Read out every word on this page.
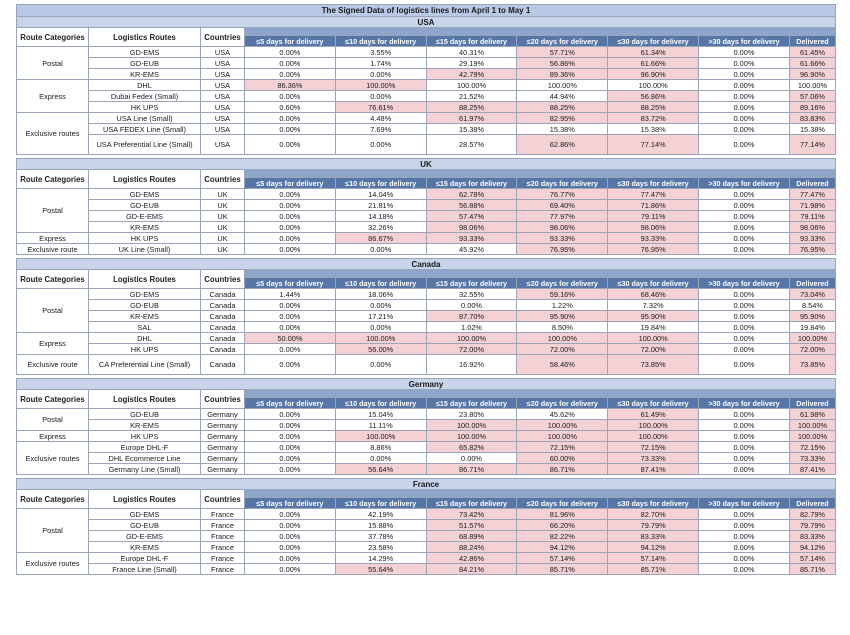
The Signed Data of logistics lines from April 1 to May 1									
USA									
Route Categories	Logistics Routes	Countries							
			≤5 days for delivery	≤10 days for delivery	≤15 days for delivery	≤20 days for delivery	≤30 days for delivery	>30 days for delivery	Delivered
Postal	GD-EMS	USA	0.00%	3.55%	40.31%	57.71%	61.34%	0.00%	61.45%
	GD-EUB	USA	0.00%	1.74%	29.19%	56.86%	61.66%	0.00%	61.66%
	KR-EMS	USA	0.00%	0.00%	42.79%	89.36%	96.90%	0.00%	96.90%
Express	DHL	USA	86.36%	100.00%	100.00%	100.00%	100.00%	0.00%	100.00%
	Dubai Fedex (Small)	USA	0.00%	0.00%	21.52%	44.94%	56.86%	0.00%	57.06%
	HK UPS	USA	0.60%	76.61%	88.25%	88.25%	88.25%	0.00%	89.16%
Exclusive routes	USA Line (Small)	USA	0.00%	4.48%	61.97%	82.95%	83.72%	0.00%	83.83%
	USA FEDEX Line (Small)	USA	0.00%	7.69%	15.38%	15.38%	15.38%	0.00%	15.38%
	USA Preferential Line (Small)	USA	0.00%	0.00%	28.57%	62.86%	77.14%	0.00%	77.14%

UK									
Route Categories	Logistics Routes	Countries							
			≤5 days for delivery	≤10 days for delivery	≤15 days for delivery	≤20 days for delivery	≤30 days for delivery	>30 days for delivery	Delivered
Postal	GD-EMS	UK	0.00%	14.04%	62.78%	76.77%	77.47%	0.00%	77.47%
	GD-EUB	UK	0.00%	21.81%	56.88%	69.40%	71.86%	0.00%	71.98%
	GD-E-EMS	UK	0.00%	14.18%	57.47%	77.97%	79.11%	0.00%	79.11%
	KR-EMS	UK	0.00%	32.26%	98.06%	98.06%	98.06%	0.00%	98.06%
Express	HK UPS	UK	0.00%	86.67%	93.33%	93.33%	93.33%	0.00%	93.33%
Exclusive route	UK Line (Small)	UK	0.00%	0.00%	45.92%	76.95%	76.95%	0.00%	76.95%

Canada									
Route Categories	Logistics Routes	Countries							
			≤5 days for delivery	≤10 days for delivery	≤15 days for delivery	≤20 days for delivery	≤30 days for delivery	>30 days for delivery	Delivered
Postal	GD-EMS	Canada	1.44%	18.06%	32.55%	59.16%	68.46%	0.00%	73.04%
	GD-EUB	Canada	0.00%	0.00%	0.00%	1.22%	7.32%	0.00%	8.54%
	KR-EMS	Canada	0.00%	17.21%	87.70%	95.90%	95.90%	0.00%	95.90%
	SAL	Canada	0.00%	0.00%	1.02%	8.50%	19.84%	0.00%	19.84%
Express	DHL	Canada	50.00%	100.00%	100.00%	100.00%	100.00%	0.00%	100.00%
	HK UPS	Canada	0.00%	56.00%	72.00%	72.00%	72.00%	0.00%	72.00%
Exclusive route	CA Preferential Line (Small)	Canada	0.00%	0.00%	16.92%	58.46%	73.85%	0.00%	73.85%

Germany									
Route Categories	Logistics Routes	Countries							
			≤5 days for delivery	≤10 days for delivery	≤15 days for delivery	≤20 days for delivery	≤30 days for delivery	>30 days for delivery	Delivered
Postal	GD-EUB	Germany	0.00%	15.04%	23.80%	45.62%	61.49%	0.00%	61.98%
	KR-EMS	Germany	0.00%	11.11%	100.00%	100.00%	100.00%	0.00%	100.00%
Express	HK UPS	Germany	0.00%	100.00%	100.00%	100.00%	100.00%	0.00%	100.00%
Exclusive routes	Europe DHL-F	Germany	0.00%	8.86%	65.82%	72.15%	72.15%	0.00%	72.15%
	DHL Ecommerce Line	Germany	0.00%	0.00%	0.00%	60.00%	73.33%	0.00%	73.33%
	Germany Line (Small)	Germany	0.00%	56.64%	86.71%	86.71%	87.41%	0.00%	87.41%

France									
Route Categories	Logistics Routes	Countries							
			≤5 days for delivery	≤10 days for delivery	≤15 days for delivery	≤20 days for delivery	≤30 days for delivery	>30 days for delivery	Delivered
Postal	GD-EMS	France	0.00%	42.19%	73.42%	81.96%	82.70%	0.00%	82.79%
	GD-EUB	France	0.00%	15.88%	51.57%	66.20%	79.79%	0.00%	79.79%
	GD-E-EMS	France	0.00%	37.78%	68.89%	82.22%	83.33%	0.00%	83.33%
	KR-EMS	France	0.00%	23.58%	88.24%	94.12%	94.12%	0.00%	94.12%
Exclusive routes	Europe DHL-F	France	0.00%	14.29%	42.86%	57.14%	57.14%	0.00%	57.14%
	France Line (Small)	France	0.00%	55.64%	84.21%	85.71%	85.71%	0.00%	85.71%
